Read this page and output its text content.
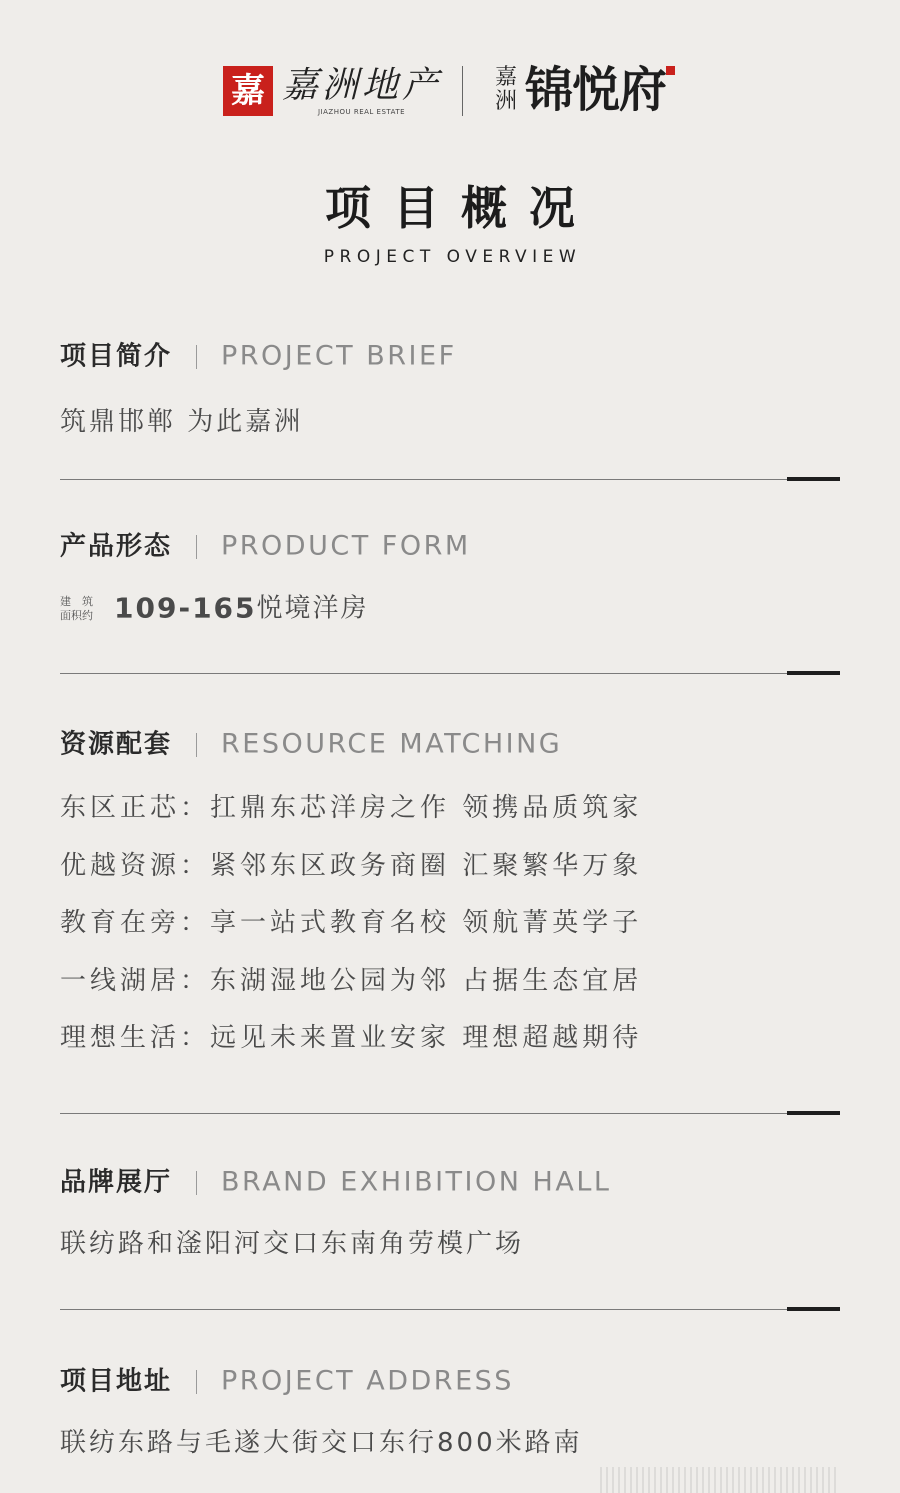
嘉 嘉洲地产
JIAZHOU REAL ESTATE
嘉洲 锦悦府
项目概况
PROJECT OVERVIEW
项目简介 PROJECT BRIEF
筑鼎邯郸 为此嘉洲
产品形态 PRODUCT FORM
建　筑
面积约 109-165悦境洋房
资源配套 RESOURCE MATCHING
东区正芯：扛鼎东芯洋房之作 领携品质筑家
优越资源：紧邻东区政务商圈 汇聚繁华万象
教育在旁：享一站式教育名校 领航菁英学子
一线湖居：东湖湿地公园为邻 占据生态宜居
理想生活：远见未来置业安家 理想超越期待
品牌展厅 BRAND EXHIBITION HALL
联纺路和滏阳河交口东南角劳模广场
项目地址 PROJECT ADDRESS
联纺东路与毛遂大街交口东行800米路南
